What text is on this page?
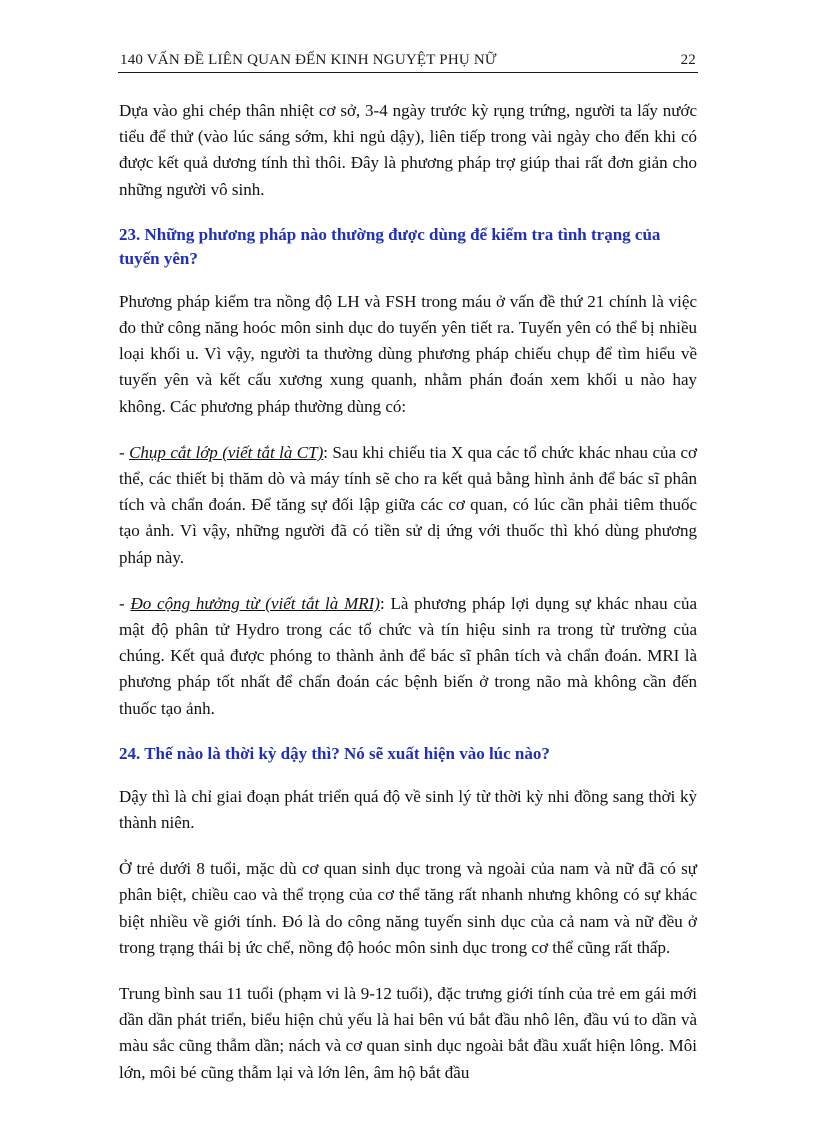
140 VẤN ĐỀ LIÊN QUAN ĐẾN KINH NGUYỆT PHỤ NỮ	22

Dựa vào ghi chép thân nhiệt cơ sở, 3-4 ngày trước kỳ rụng trứng, người ta lấy nước tiểu để thử (vào lúc sáng sớm, khi ngủ dậy), liên tiếp trong vài ngày cho đến khi có được kết quả dương tính thì thôi. Đây là phương pháp trợ giúp thai rất đơn giản cho những người vô sinh.

23. Những phương pháp nào thường được dùng để kiểm tra tình trạng của tuyến yên?

Phương pháp kiểm tra nồng độ LH và FSH trong máu ở vấn đề thứ 21 chính là việc đo thử công năng hoóc môn sinh dục do tuyến yên tiết ra. Tuyến yên có thể bị nhiều loại khối u. Vì vậy, người ta thường dùng phương pháp chiếu chụp để tìm hiểu về tuyến yên và kết cấu xương xung quanh, nhằm phán đoán xem khối u nào hay không. Các phương pháp thường dùng có:

- Chụp cắt lớp (viết tắt là CT): Sau khi chiếu tia X qua các tổ chức khác nhau của cơ thể, các thiết bị thăm dò và máy tính sẽ cho ra kết quả bằng hình ảnh để bác sĩ phân tích và chẩn đoán. Để tăng sự đối lập giữa các cơ quan, có lúc cần phải tiêm thuốc tạo ảnh. Vì vậy, những người đã có tiền sử dị ứng với thuốc thì khó dùng phương pháp này.

- Đo cộng hưởng từ (viết tắt là MRI): Là phương pháp lợi dụng sự khác nhau của mật độ phân tử Hydro trong các tổ chức và tín hiệu sinh ra trong từ trường của chúng. Kết quả được phóng to thành ảnh để bác sĩ phân tích và chẩn đoán. MRI là phương pháp tốt nhất để chẩn đoán các bệnh biến ở trong não mà không cần đến thuốc tạo ảnh.

24. Thế nào là thời kỳ dậy thì? Nó sẽ xuất hiện vào lúc nào?

Dậy thì là chỉ giai đoạn phát triển quá độ về sinh lý từ thời kỳ nhi đồng sang thời kỳ thành niên.

Ở trẻ dưới 8 tuổi, mặc dù cơ quan sinh dục trong và ngoài của nam và nữ đã có sự phân biệt, chiều cao và thể trọng của cơ thể tăng rất nhanh nhưng không có sự khác biệt nhiều về giới tính. Đó là do công năng tuyến sinh dục của cả nam và nữ đều ở trong trạng thái bị ức chế, nồng độ hoóc môn sinh dục trong cơ thể cũng rất thấp.

Trung bình sau 11 tuổi (phạm vi là 9-12 tuổi), đặc trưng giới tính của trẻ em gái mới dần dần phát triển, biểu hiện chủ yếu là hai bên vú bắt đầu nhô lên, đầu vú to dần và màu sắc cũng thẫm dần; nách và cơ quan sinh dục ngoài bắt đầu xuất hiện lông. Môi lớn, môi bé cũng thẫm lại và lớn lên, âm hộ bắt đầu
